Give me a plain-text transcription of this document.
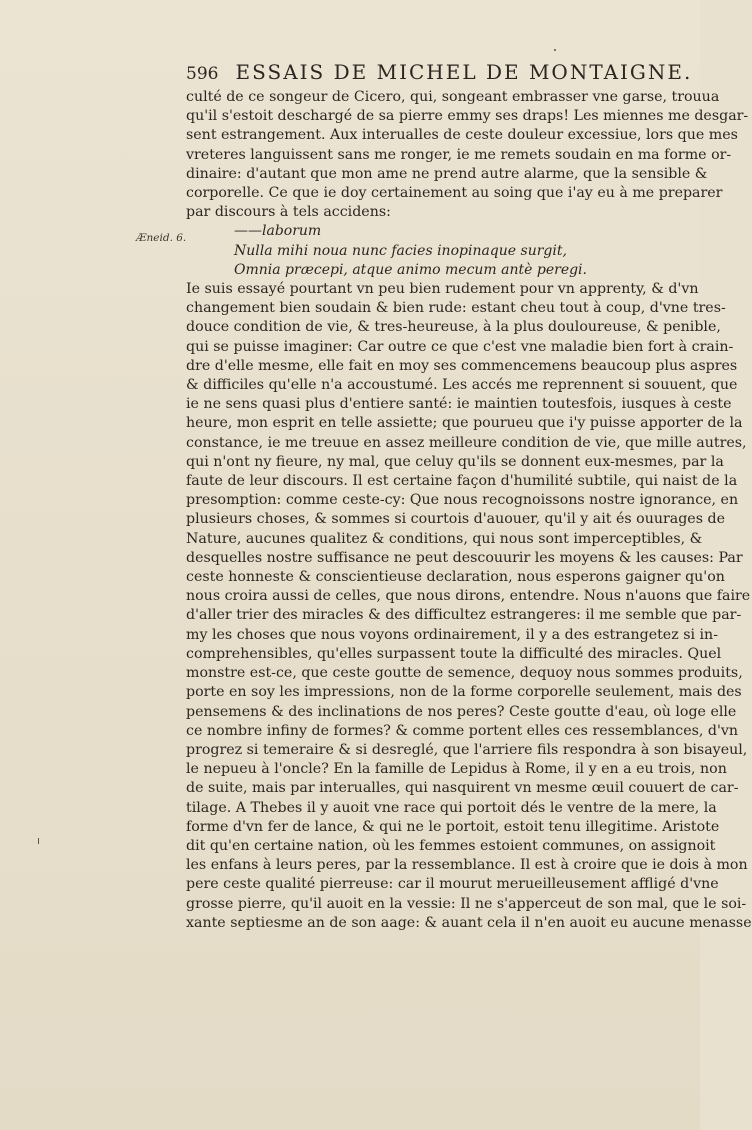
596 ESSAIS DE MICHEL DE MONTAIGNE.
Æneid. 6.
culté de ce songeur de Cicero, qui, songeant embrasser vne garse, trouua
qu'il s'estoit deschargé de sa pierre emmy ses draps! Les miennes me desgar-
sent estrangement. Aux interualles de ceste douleur excessiue, lors que mes
vreteres languissent sans me ronger, ie me remets soudain en ma forme or-
dinaire: d'autant que mon ame ne prend autre alarme, que la sensible &
corporelle. Ce que ie doy certainement au soing que i'ay eu à me preparer
par discours à tels accidens:
——laborum
Nulla mihi noua nunc facies inopinaque surgit,
Omnia præcepi, atque animo mecum antè peregi.
Ie suis essayé pourtant vn peu bien rudement pour vn apprenty, & d'vn
changement bien soudain & bien rude: estant cheu tout à coup, d'vne tres-
douce condition de vie, & tres-heureuse, à la plus douloureuse, & penible,
qui se puisse imaginer: Car outre ce que c'est vne maladie bien fort à crain-
dre d'elle mesme, elle fait en moy ses commencemens beaucoup plus aspres
& difficiles qu'elle n'a accoustumé. Les accés me reprennent si souuent, que
ie ne sens quasi plus d'entiere santé: ie maintien toutesfois, iusques à ceste
heure, mon esprit en telle assiette; que pourueu que i'y puisse apporter de la
constance, ie me treuue en assez meilleure condition de vie, que mille autres,
qui n'ont ny fieure, ny mal, que celuy qu'ils se donnent eux-mesmes, par la
faute de leur discours. Il est certaine façon d'humilité subtile, qui naist de la
presomption: comme ceste-cy: Que nous recognoissons nostre ignorance, en
plusieurs choses, & sommes si courtois d'auouer, qu'il y ait és ouurages de
Nature, aucunes qualitez & conditions, qui nous sont imperceptibles, &
desquelles nostre suffisance ne peut descouurir les moyens & les causes: Par
ceste honneste & conscientieuse declaration, nous esperons gaigner qu'on
nous croira aussi de celles, que nous dirons, entendre. Nous n'auons que faire
d'aller trier des miracles & des difficultez estrangeres: il me semble que par-
my les choses que nous voyons ordinairement, il y a des estrangetez si in-
comprehensibles, qu'elles surpassent toute la difficulté des miracles. Quel
monstre est-ce, que ceste goutte de semence, dequoy nous sommes produits,
porte en soy les impressions, non de la forme corporelle seulement, mais des
pensemens & des inclinations de nos peres? Ceste goutte d'eau, où loge elle
ce nombre infiny de formes? & comme portent elles ces ressemblances, d'vn
progrez si temeraire & si desreglé, que l'arriere fils respondra à son bisayeul,
le nepueu à l'oncle? En la famille de Lepidus à Rome, il y en a eu trois, non
de suite, mais par interualles, qui nasquirent vn mesme œuil couuert de car-
tilage. A Thebes il y auoit vne race qui portoit dés le ventre de la mere, la
forme d'vn fer de lance, & qui ne le portoit, estoit tenu illegitime. Aristote
dit qu'en certaine nation, où les femmes estoient communes, on assignoit
les enfans à leurs peres, par la ressemblance. Il est à croire que ie dois à mon
pere ceste qualité pierreuse: car il mourut merueilleusement affligé d'vne
grosse pierre, qu'il auoit en la vessie: Il ne s'apperceut de son mal, que le soi-
xante septiesme an de son aage: & auant cela il n'en auoit eu aucune menasse
